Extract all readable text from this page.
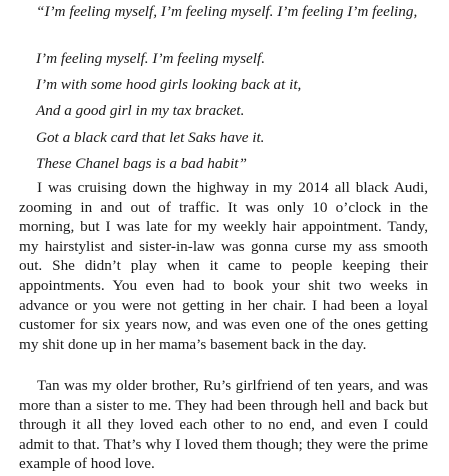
“I’m feeling myself, I’m feeling myself. I’m feeling I’m feeling,
I’m feeling myself. I’m feeling myself.
I’m with some hood girls looking back at it,
And a good girl in my tax bracket.
Got a black card that let Saks have it.
These Chanel bags is a bad habit”

I was cruising down the highway in my 2014 all black Audi, zooming in and out of traffic. It was only 10 o’clock in the morning, but I was late for my weekly hair appointment. Tandy, my hairstylist and sister-in-law was gonna curse my ass smooth out. She didn’t play when it came to people keeping their appointments. You even had to book your shit two weeks in advance or you were not getting in her chair. I had been a loyal customer for six years now, and was even one of the ones getting my shit done up in her mama’s basement back in the day.

Tan was my older brother, Ru’s girlfriend of ten years, and was more than a sister to me. They had been through hell and back but through it all they loved each other to no end, and even I could admit to that. That’s why I loved them though; they were the prime example of hood love.
